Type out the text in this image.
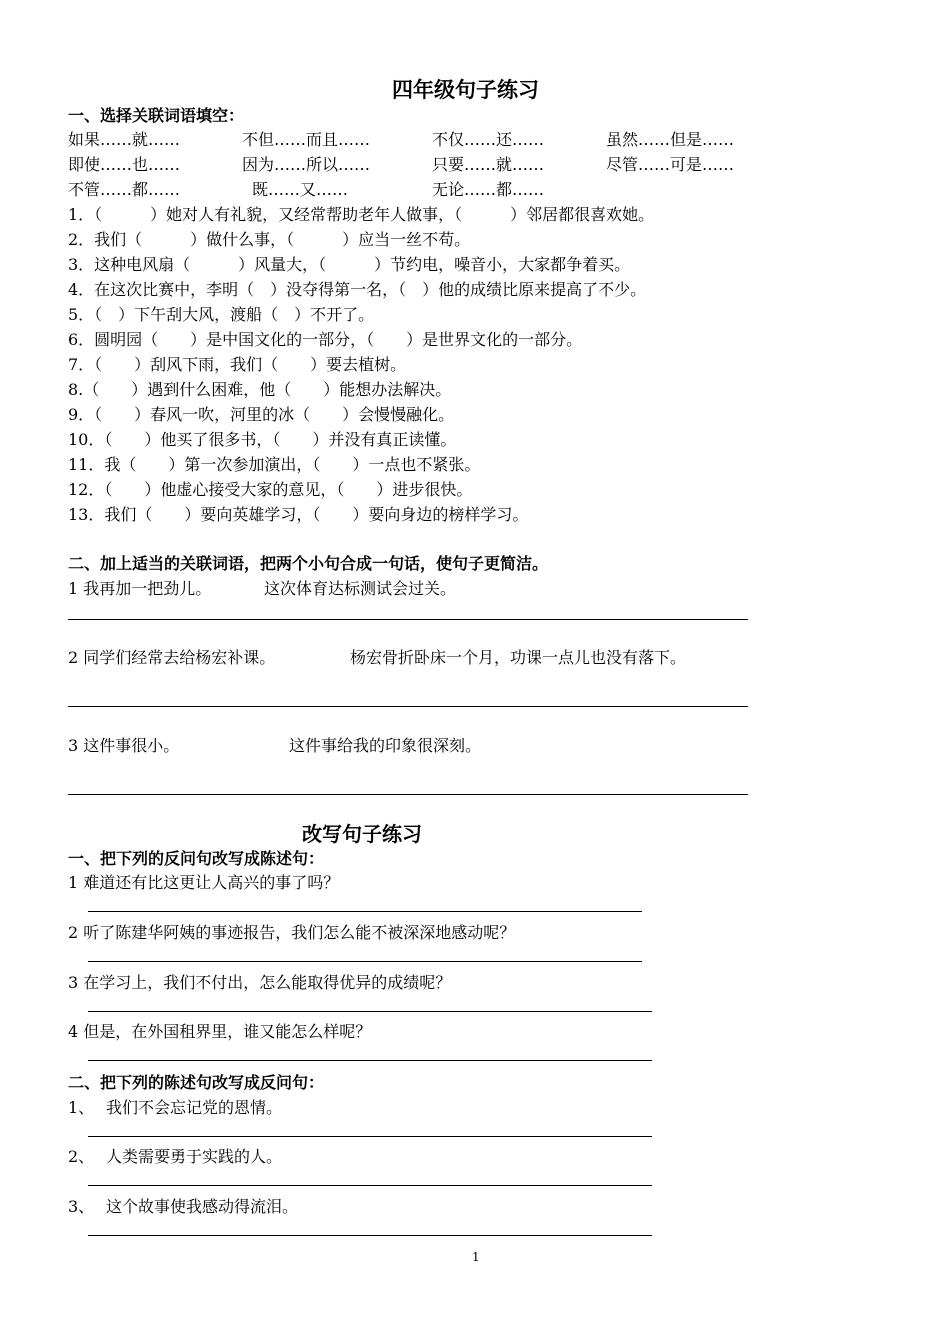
四年级句子练习
一、选择关联词语填空：
如果……就……	不但……而且……	不仅……还……	虽然……但是……
即使……也……	因为……所以……	只要……就……	尽管……可是……
不管……都……	既……又……	无论……都……
1．（　　　）她对人有礼貌，又经常帮助老年人做事，（　　　）邻居都很喜欢她。
2．我们（　　　）做什么事，（　　　）应当一丝不苟。
3．这种电风扇（　　　）风量大，（　　　）节约电，噪音小，大家都争着买。
4．在这次比赛中，李明（　）没夺得第一名，（　）他的成绩比原来提高了不少。
5．（　）下午刮大风，渡船（　）不开了。
6．圆明园（　　）是中国文化的一部分，（　　）是世界文化的一部分。
7．（　　）刮风下雨，我们（　　）要去植树。
8.（　　）遇到什么困难，他（　　）能想办法解决。
9．（　　）春风一吹，河里的冰（　　）会慢慢融化。
10．（　　）他买了很多书，（　　）并没有真正读懂。
11．我（　　）第一次参加演出，（　　）一点也不紧张。
12．（　　）他虚心接受大家的意见，（　　）进步很快。
13．我们（　　）要向英雄学习，（　　）要向身边的榜样学习。
二、加上适当的关联词语，把两个小句合成一句话，使句子更简洁。
1 我再加一把劲儿。	这次体育达标测试会过关。
2 同学们经常去给杨宏补课。	杨宏骨折卧床一个月，功课一点儿也没有落下。
3 这件事很小。	这件事给我的印象很深刻。
改写句子练习
一、把下列的反问句改写成陈述句：
1 难道还有比这更让人高兴的事了吗？
2 听了陈建华阿姨的事迹报告，我们怎么能不被深深地感动呢？
3 在学习上，我们不付出，怎么能取得优异的成绩呢？
4 但是，在外国租界里，谁又能怎么样呢？
二、把下列的陈述句改写成反问句：
1、 我们不会忘记党的恩情。
2、 人类需要勇于实践的人。
3、 这个故事使我感动得流泪。
1
